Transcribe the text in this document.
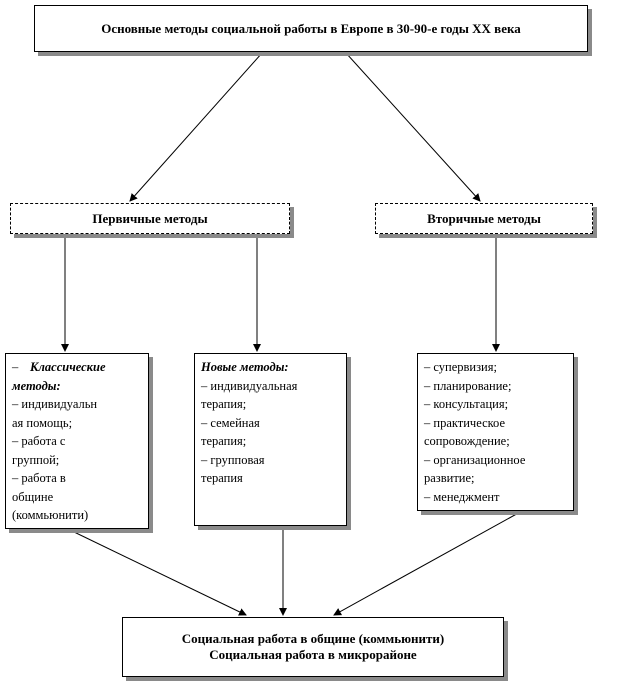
Основные методы социальной работы в Европе в 30-90-е годы XX века
Первичные методы	Вторичные методы
– Классические
методы:
– индивидуальн
ая помощь;
– работа с
группой;
– работа в
общине
(коммьюнити)
Новые методы:
– индивидуальная
терапия;
– семейная
терапия;
– групповая
терапия
– супервизия;
– планирование;
– консультация;
– практическое
сопровождение;
– организационное
развитие;
– менеджмент
Социальная работа в общине (коммьюнити)
Социальная работа в микрорайоне
